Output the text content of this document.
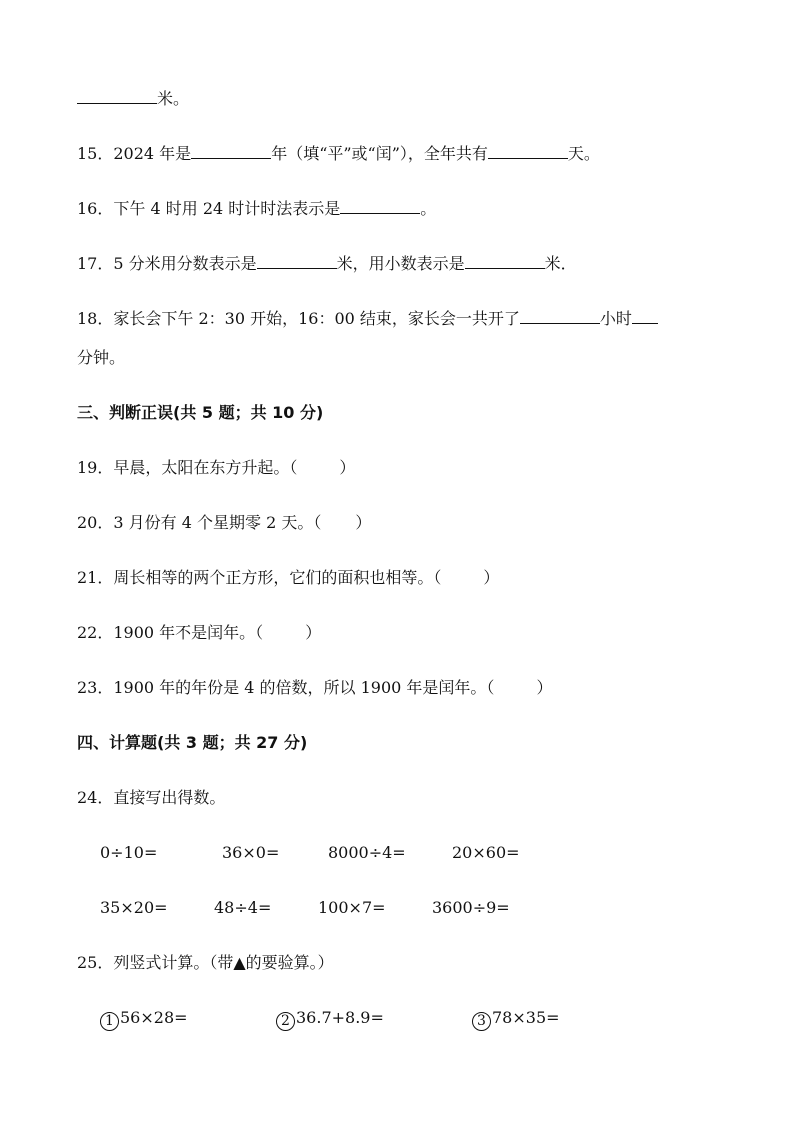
米。
15．2024 年是	年（填“平”或“闰”），全年共有	天。
16．下午 4 时用 24 时计时法表示是	。
17．5 分米用分数表示是	米，用小数表示是	米．
18．家长会下午 2：30 开始，16：00 结束，家长会一共开了	小时
分钟。
三、判断正误(共 5 题；共 10 分)
19．早晨，太阳在东方升起。（	）
20．3 月份有 4 个星期零 2 天。（ ）
21．周长相等的两个正方形，它们的面积也相等。（	）
22．1900 年不是闰年。（	）
23．1900 年的年份是 4 的倍数，所以 1900 年是闰年。（	）
四、计算题(共 3 题；共 27 分)
24．直接写出得数。
0÷10=	36×0=	8000÷4=	20×60=
35×20=	48÷4=	100×7=	3600÷9=
25．列竖式计算。（带▲的要验算。）
1 56×28=	2 36.7+8.9=	3 78×35=
